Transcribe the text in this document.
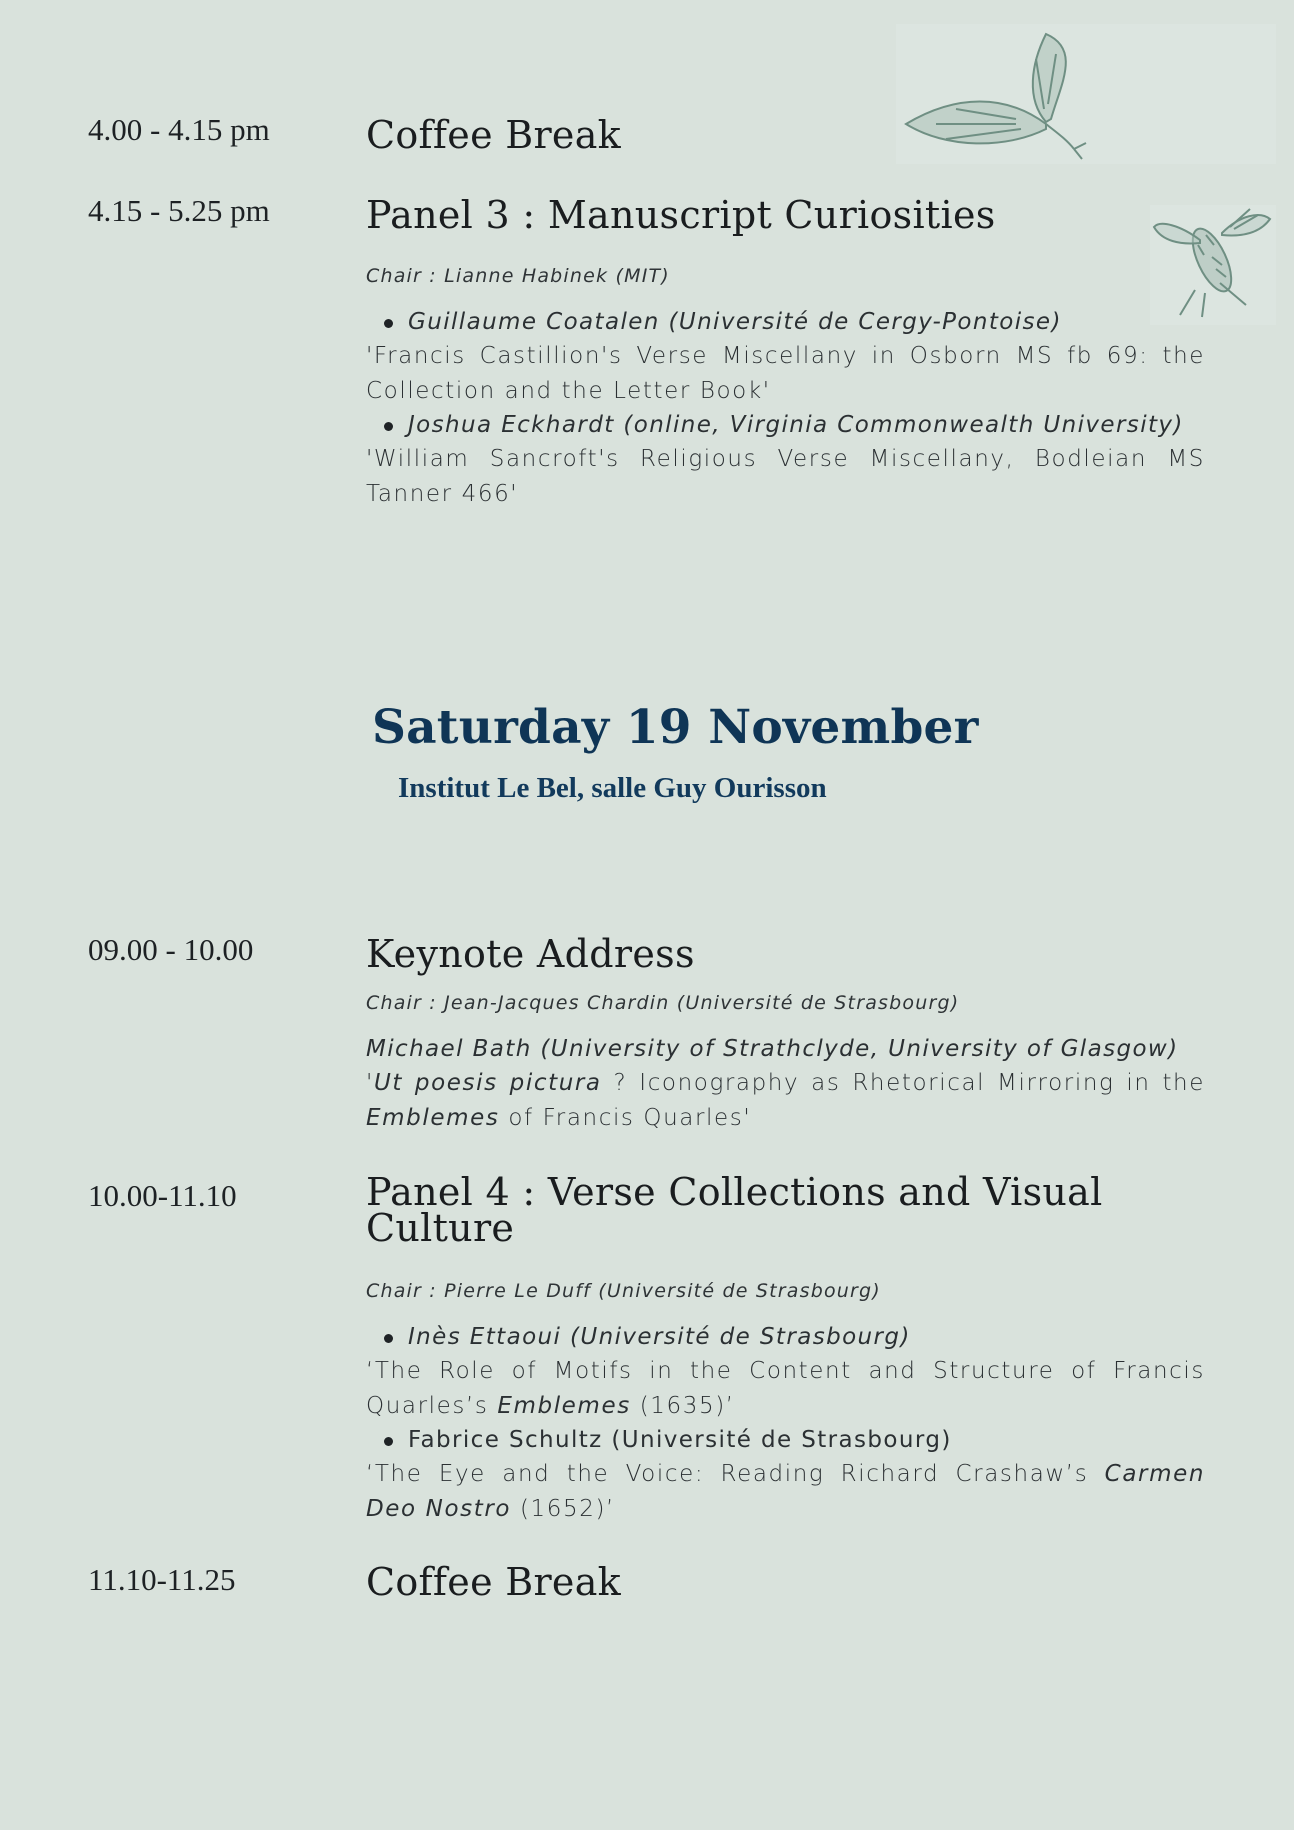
4.00 - 4.15 pm	Coffee Break
4.15 - 5.25 pm	Panel 3 : Manuscript Curiosities

Chair : Lianne Habinek (MIT)

Guillaume Coatalen (Université de Cergy-Pontoise)

'Francis Castillion's Verse Miscellany in Osborn MS fb 69: the Collection and the Letter Book'

Joshua Eckhardt (online, Virginia Commonwealth University)

'William Sancroft's Religious Verse Miscellany, Bodleian MS Tanner 466'

Saturday 19 November

Institut Le Bel, salle Guy Ourisson

09.00 - 10.00	Keynote Address

Chair : Jean-Jacques Chardin (Université de Strasbourg)

Michael Bath (University of Strathclyde, University of Glasgow)

'Ut poesis pictura ? Iconography as Rhetorical Mirroring in the Emblemes of Francis Quarles'

10.00-11.10	Panel 4 : Verse Collections and Visual Culture

Chair : Pierre Le Duff (Université de Strasbourg)

Inès Ettaoui (Université de Strasbourg)

‘The Role of Motifs in the Content and Structure of Francis Quarles’s Emblemes (1635)’

Fabrice Schultz (Université de Strasbourg)

‘The Eye and the Voice: Reading Richard Crashaw’s Carmen Deo Nostro (1652)’

11.10-11.25	Coffee Break
